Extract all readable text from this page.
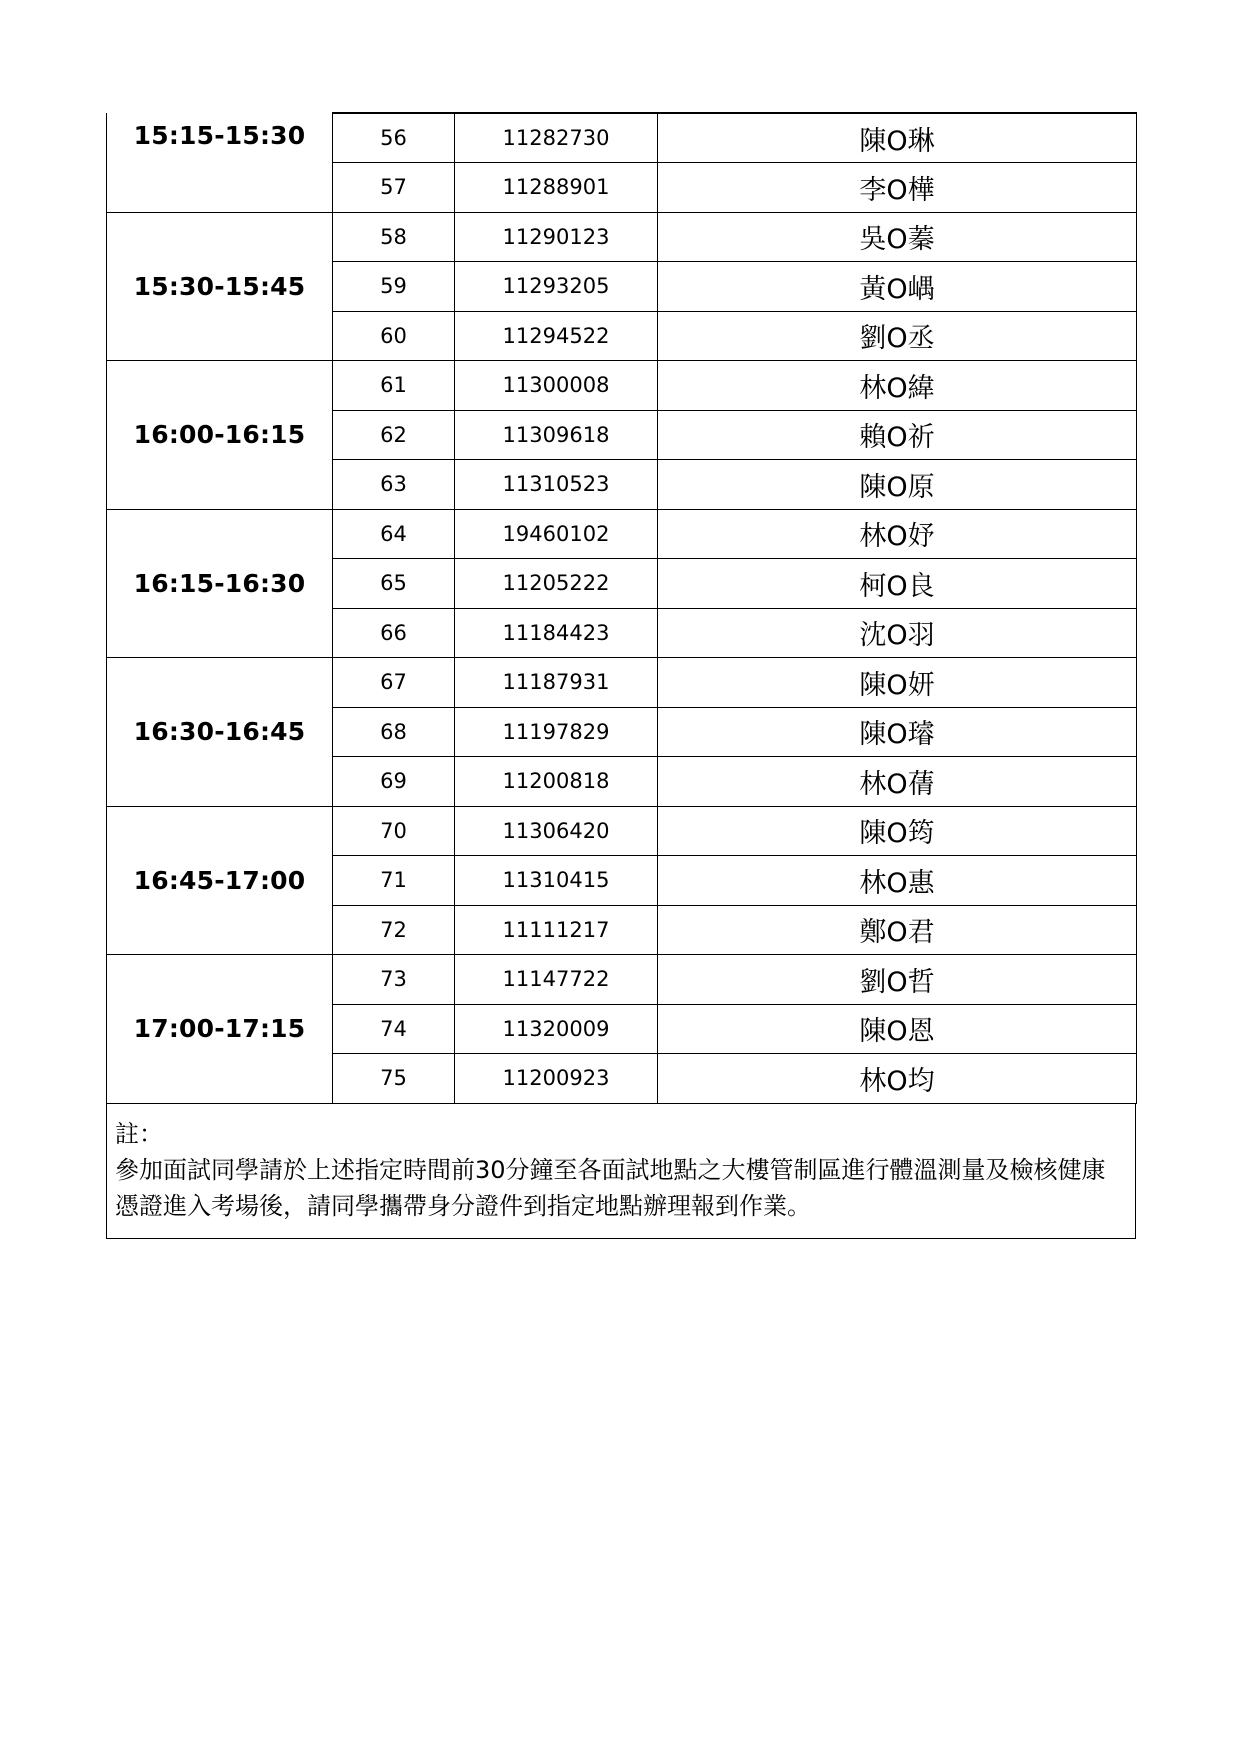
15:15-15:30	56	11282730	陳O琳
	57	11288901	李O樺
15:30-15:45	58	11290123	吳O蓁
	59	11293205	黃O嵎
	60	11294522	劉O丞
16:00-16:15	61	11300008	林O緯
	62	11309618	賴O祈
	63	11310523	陳O原
16:15-16:30	64	19460102	林O妤
	65	11205222	柯O良
	66	11184423	沈O羽
16:30-16:45	67	11187931	陳O妍
	68	11197829	陳O璿
	69	11200818	林O蒨
16:45-17:00	70	11306420	陳O筠
	71	11310415	林O惠
	72	11111217	鄭O君
17:00-17:15	73	11147722	劉O哲
	74	11320009	陳O恩
	75	11200923	林O均
註：
參加面試同學請於上述指定時間前30分鐘至各面試地點之大樓管制區進行體溫測量及檢核健康憑證進入考場後，請同學攜帶身分證件到指定地點辦理報到作業。
